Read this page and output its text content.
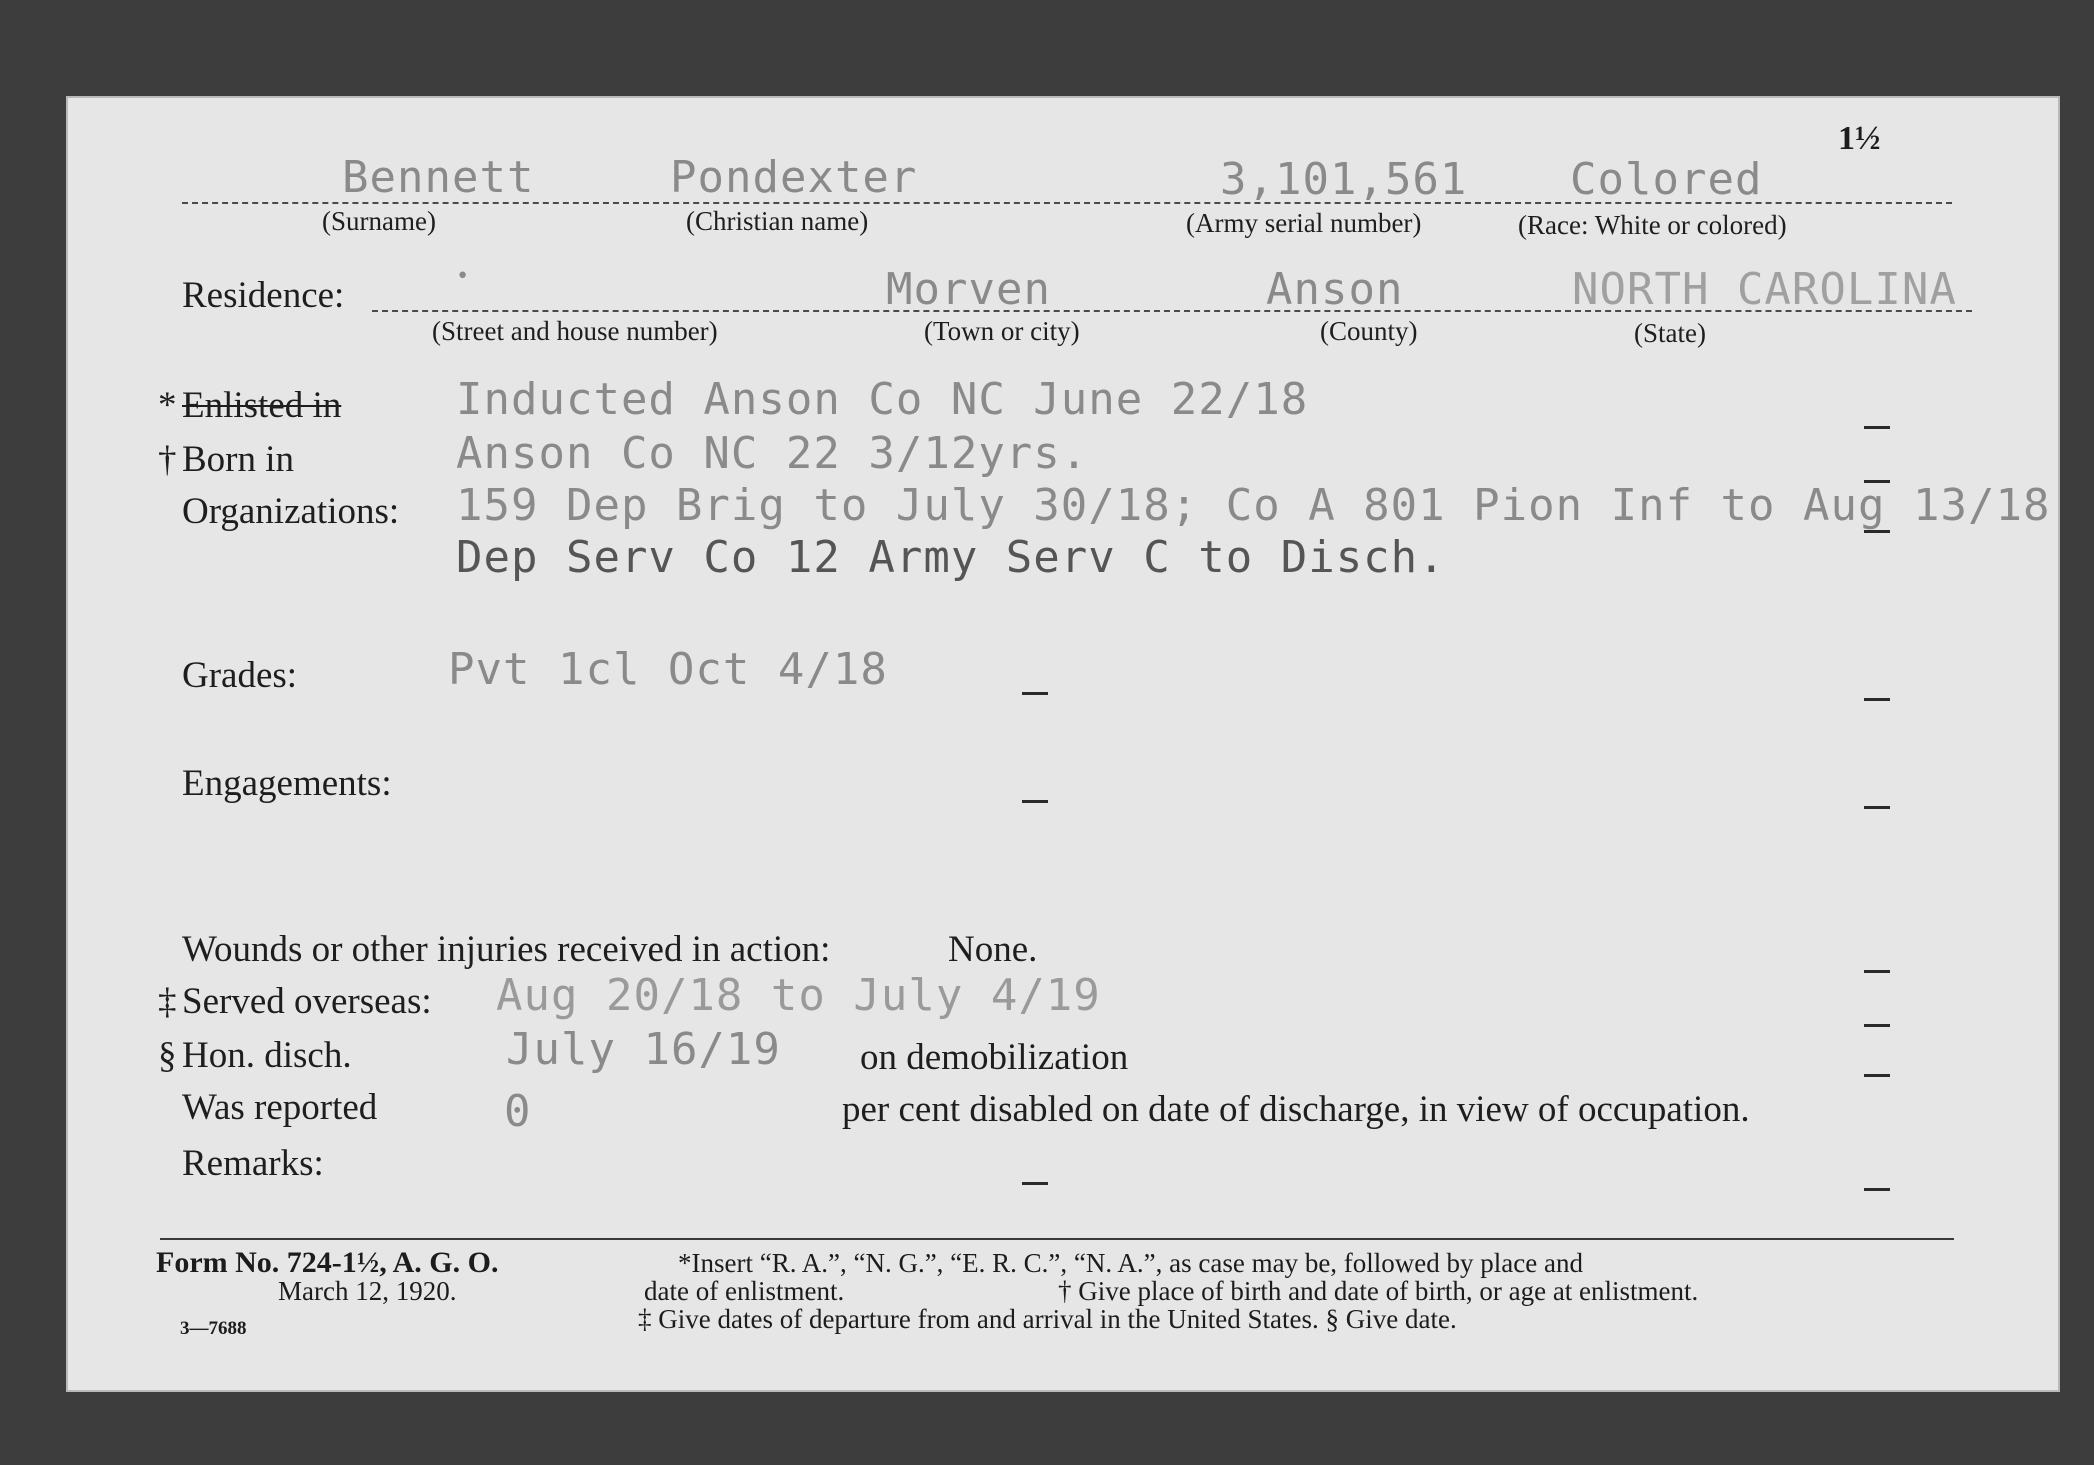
1½
Bennett	Pondexter	3,101,561 Colored
(Surname)	(Christian name)	(Army serial number)	(Race: White or colored)
Residence:	•	Morven	Anson	NORTH CAROLINA
(Street and house number)	(Town or city)	(County)	(State)
* Enlisted in	Inducted Anson Co NC June 22/18
† Born in	Anson Co NC 22 3/12yrs.
Organizations: 159 Dep Brig to July 30/18; Co A 801 Pion Inf to Aug 13/18
Dep Serv Co 12 Army Serv C to Disch.
Grades:	Pvt 1cl Oct 4/18
Engagements:
Wounds or other injuries received in action:	None.
‡ Served overseas: Aug 20/18 to July 4/19
§ Hon. disch.	July 16/19 on demobilization
Was reported	0	per cent disabled on date of discharge, in view of occupation.
Remarks:
Form No. 724-1½, A. G. O.
March 12, 1920.
3—7688
*Insert “R. A.”, “N. G.”, “E. R. C.”, “N. A.”, as case may be, followed by place and
date of enlistment.	† Give place of birth and date of birth, or age at enlistment.
‡ Give dates of departure from and arrival in the United States. § Give date.
